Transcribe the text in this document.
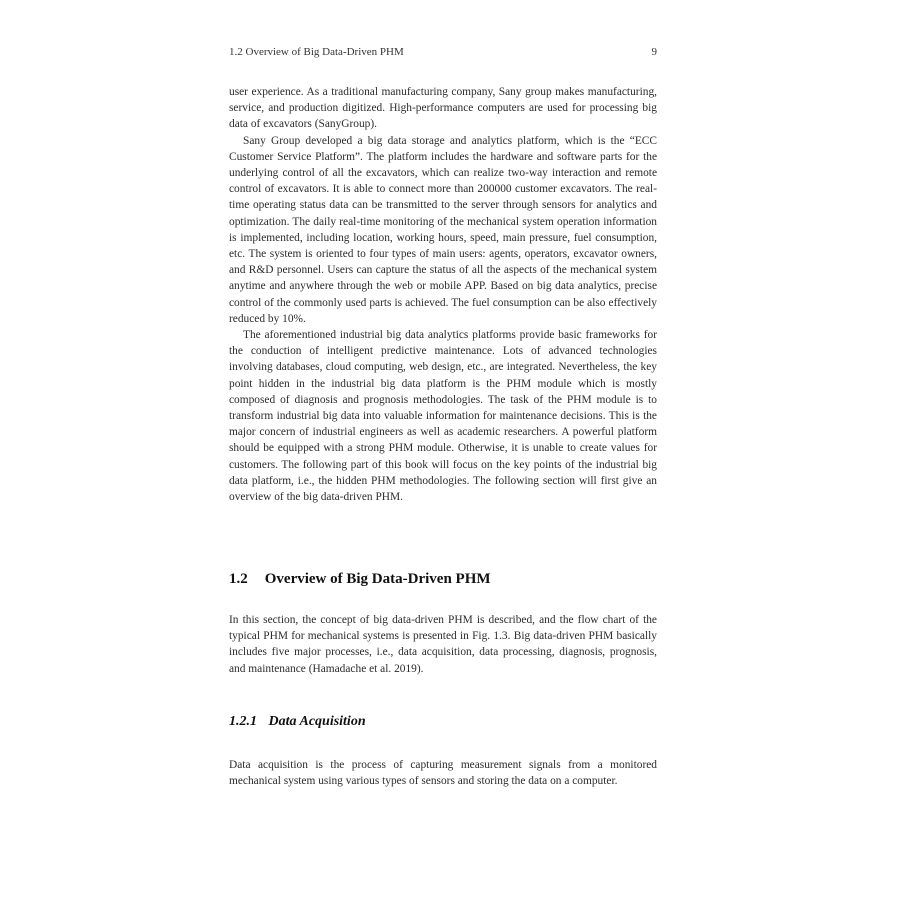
1.2 Overview of Big Data-Driven PHM	9

user experience. As a traditional manufacturing company, Sany group makes manufacturing, service, and production digitized. High-performance computers are used for processing big data of excavators (SanyGroup).

Sany Group developed a big data storage and analytics platform, which is the “ECC Customer Service Platform”. The platform includes the hardware and software parts for the underlying control of all the excavators, which can realize two-way interaction and remote control of excavators. It is able to connect more than 200000 customer excavators. The real-time operating status data can be transmitted to the server through sensors for analytics and optimization. The daily real-time monitoring of the mechanical system operation information is implemented, including location, working hours, speed, main pressure, fuel consumption, etc. The system is oriented to four types of main users: agents, operators, excavator owners, and R&D personnel. Users can capture the status of all the aspects of the mechanical system anytime and anywhere through the web or mobile APP. Based on big data analytics, precise control of the commonly used parts is achieved. The fuel consumption can be also effectively reduced by 10%.

The aforementioned industrial big data analytics platforms provide basic frameworks for the conduction of intelligent predictive maintenance. Lots of advanced technologies involving databases, cloud computing, web design, etc., are integrated. Nevertheless, the key point hidden in the industrial big data platform is the PHM module which is mostly composed of diagnosis and prognosis methodologies. The task of the PHM module is to transform industrial big data into valuable information for maintenance decisions. This is the major concern of industrial engineers as well as academic researchers. A powerful platform should be equipped with a strong PHM module. Otherwise, it is unable to create values for customers. The following part of this book will focus on the key points of the industrial big data platform, i.e., the hidden PHM methodologies. The following section will first give an overview of the big data-driven PHM.

1.2 Overview of Big Data-Driven PHM

In this section, the concept of big data-driven PHM is described, and the flow chart of the typical PHM for mechanical systems is presented in Fig. 1.3. Big data-driven PHM basically includes five major processes, i.e., data acquisition, data processing, diagnosis, prognosis, and maintenance (Hamadache et al. 2019).

1.2.1 Data Acquisition

Data acquisition is the process of capturing measurement signals from a monitored mechanical system using various types of sensors and storing the data on a computer.
